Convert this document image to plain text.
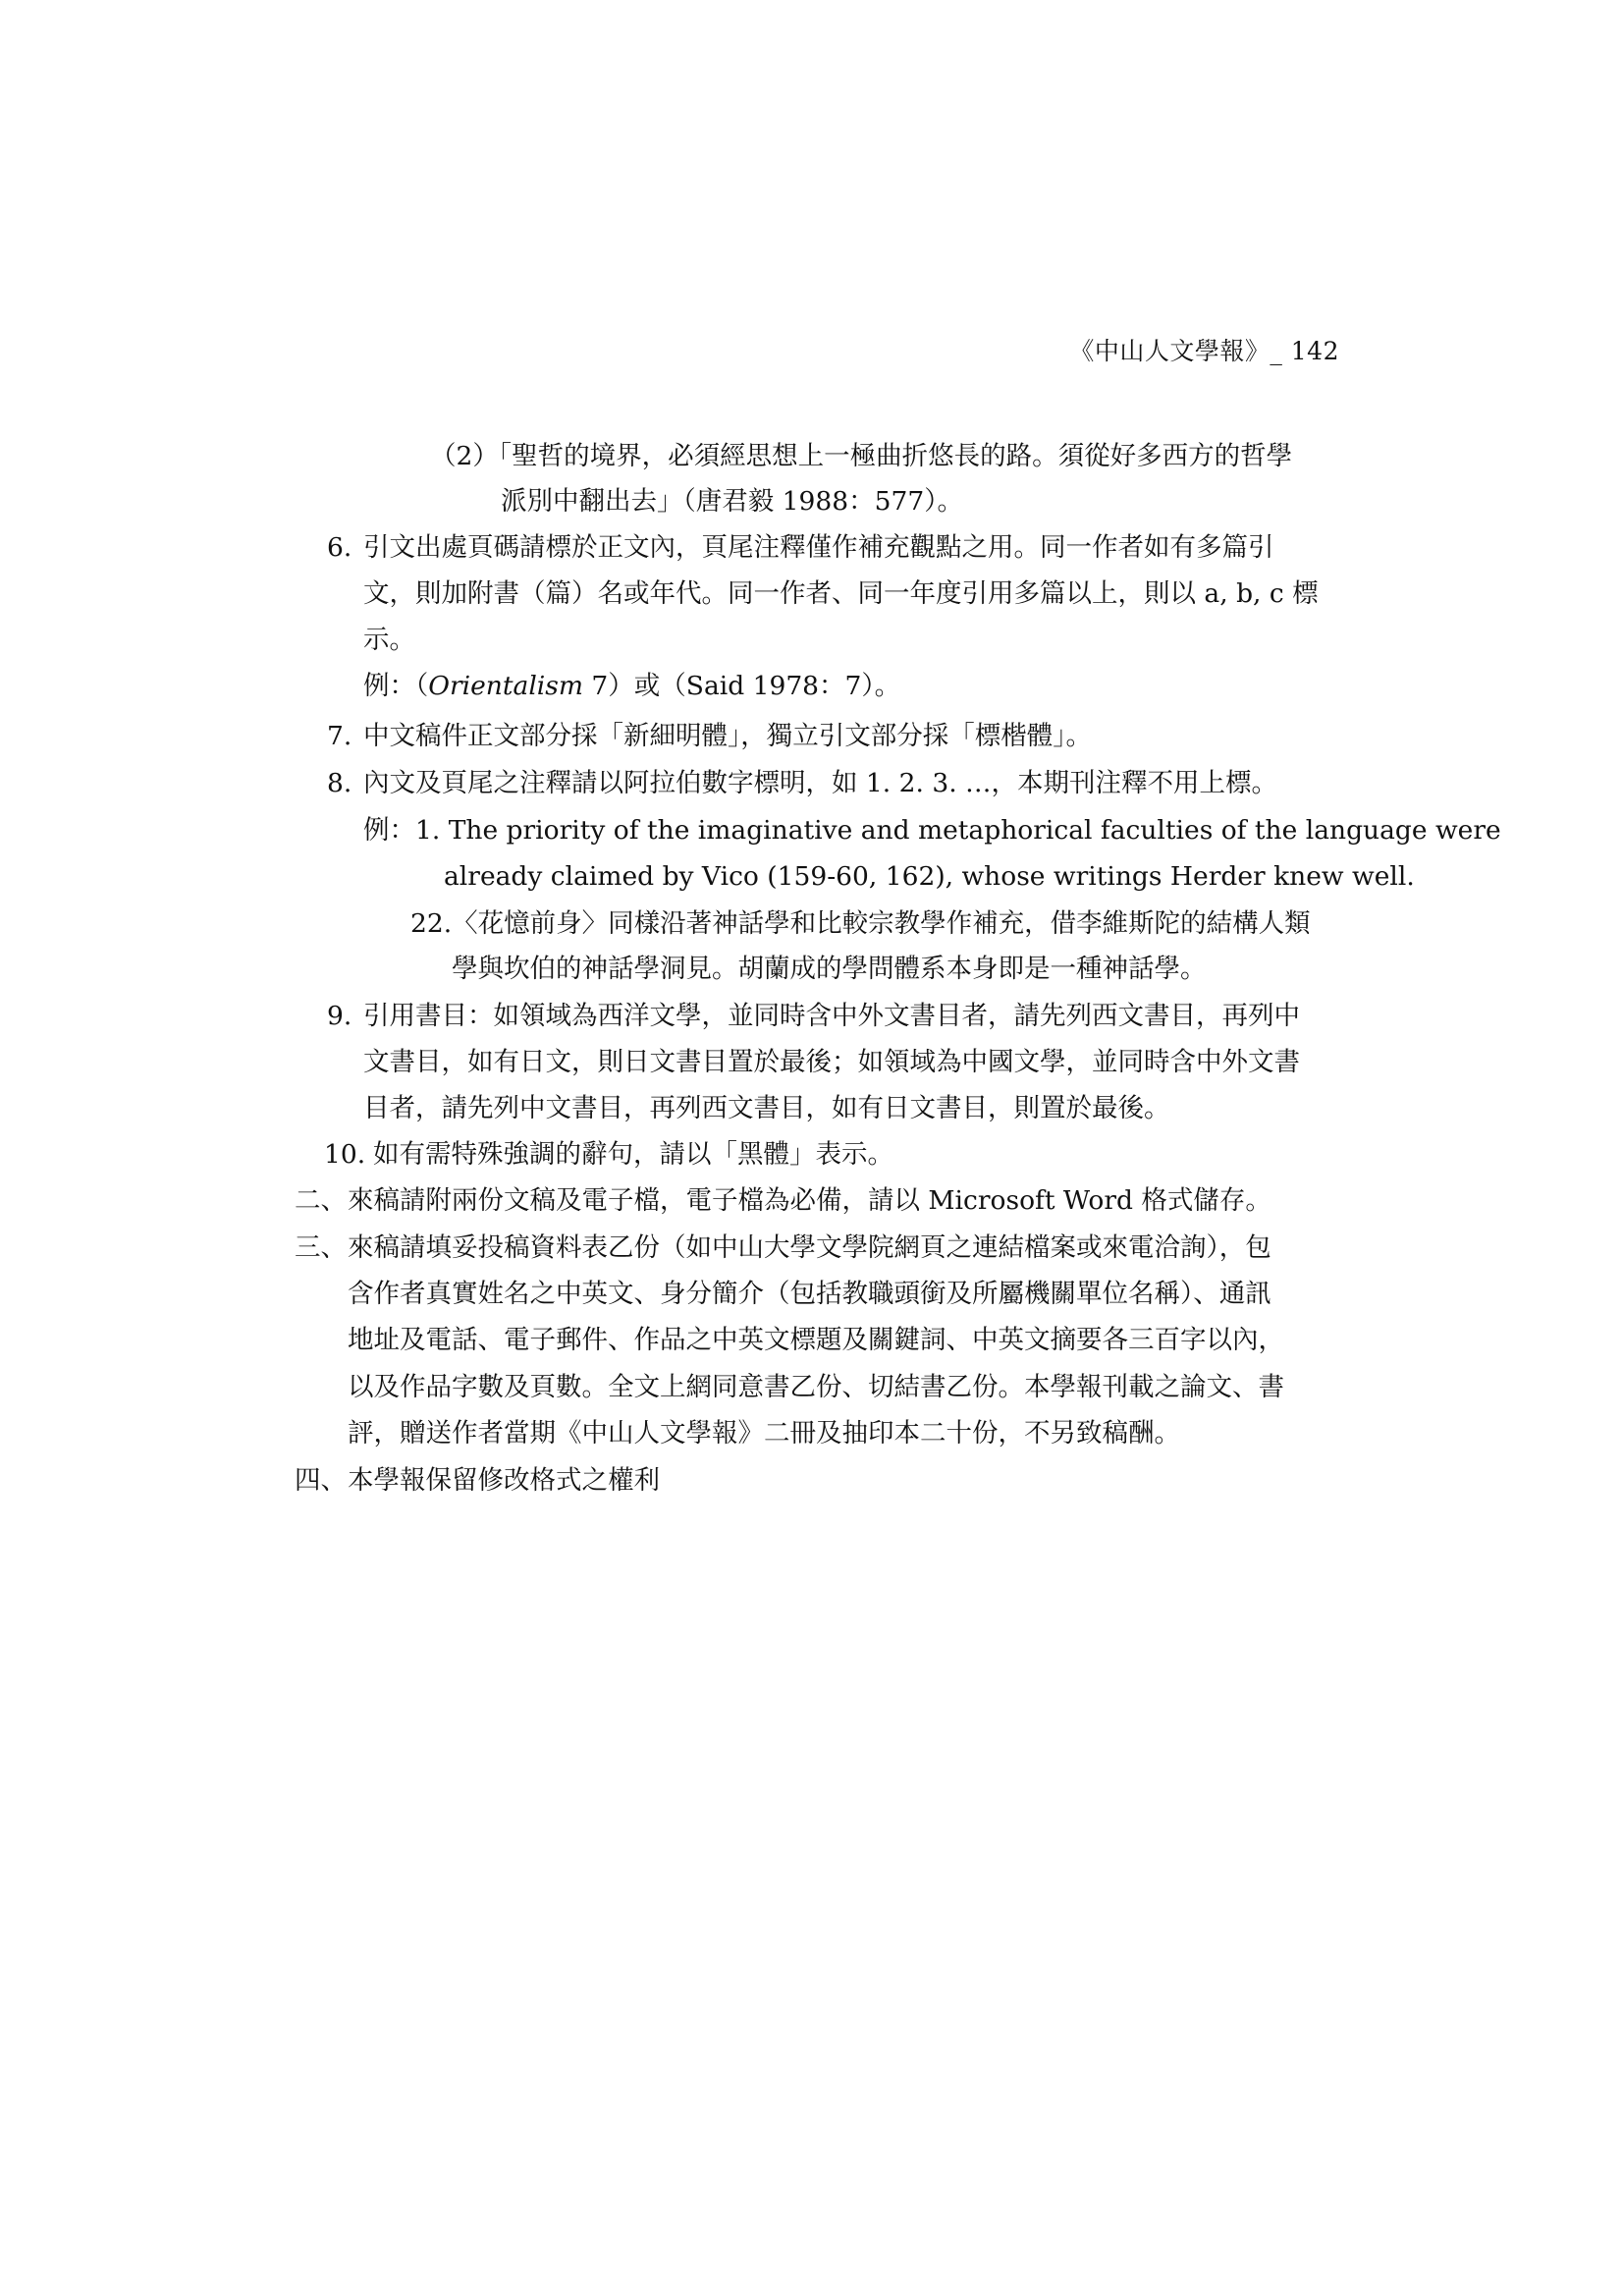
《中山人文學報》_ 142
（2）「聖哲的境界，必須經思想上一極曲折悠長的路。須從好多西方的哲學
派別中翻出去」（唐君毅 1988：577）。
6. 引文出處頁碼請標於正文內，頁尾注釋僅作補充觀點之用。同一作者如有多篇引
文，則加附書（篇）名或年代。同一作者、同一年度引用多篇以上，則以 a, b, c 標
示。
例：（Orientalism 7）或（Said 1978：7）。
7. 中文稿件正文部分採「新細明體」，獨立引文部分採「標楷體」。
8. 內文及頁尾之注釋請以阿拉伯數字標明，如 1. 2. 3. …，本期刊注釋不用上標。
例：1. The priority of the imaginative and metaphorical faculties of the language were
already claimed by Vico (159-60, 162), whose writings Herder knew well.
22.〈花憶前身〉同樣沿著神話學和比較宗教學作補充，借李維斯陀的結構人類
學與坎伯的神話學洞見。胡蘭成的學問體系本身即是一種神話學。
9. 引用書目：如領域為西洋文學，並同時含中外文書目者，請先列西文書目，再列中
文書目，如有日文，則日文書目置於最後；如領域為中國文學，並同時含中外文書
目者，請先列中文書目，再列西文書目，如有日文書目，則置於最後。
10. 如有需特殊強調的辭句，請以「黑體」表示。
二、 來稿請附兩份文稿及電子檔，電子檔為必備，請以 Microsoft Word 格式儲存。
三、 來稿請填妥投稿資料表乙份（如中山大學文學院網頁之連結檔案或來電洽詢），包
含作者真實姓名之中英文、身分簡介（包括教職頭銜及所屬機關單位名稱）、通訊
地址及電話、電子郵件、作品之中英文標題及關鍵詞、中英文摘要各三百字以內，
以及作品字數及頁數。全文上網同意書乙份、切結書乙份。本學報刊載之論文、書
評，贈送作者當期《中山人文學報》二冊及抽印本二十份，不另致稿酬。
四、 本學報保留修改格式之權利
